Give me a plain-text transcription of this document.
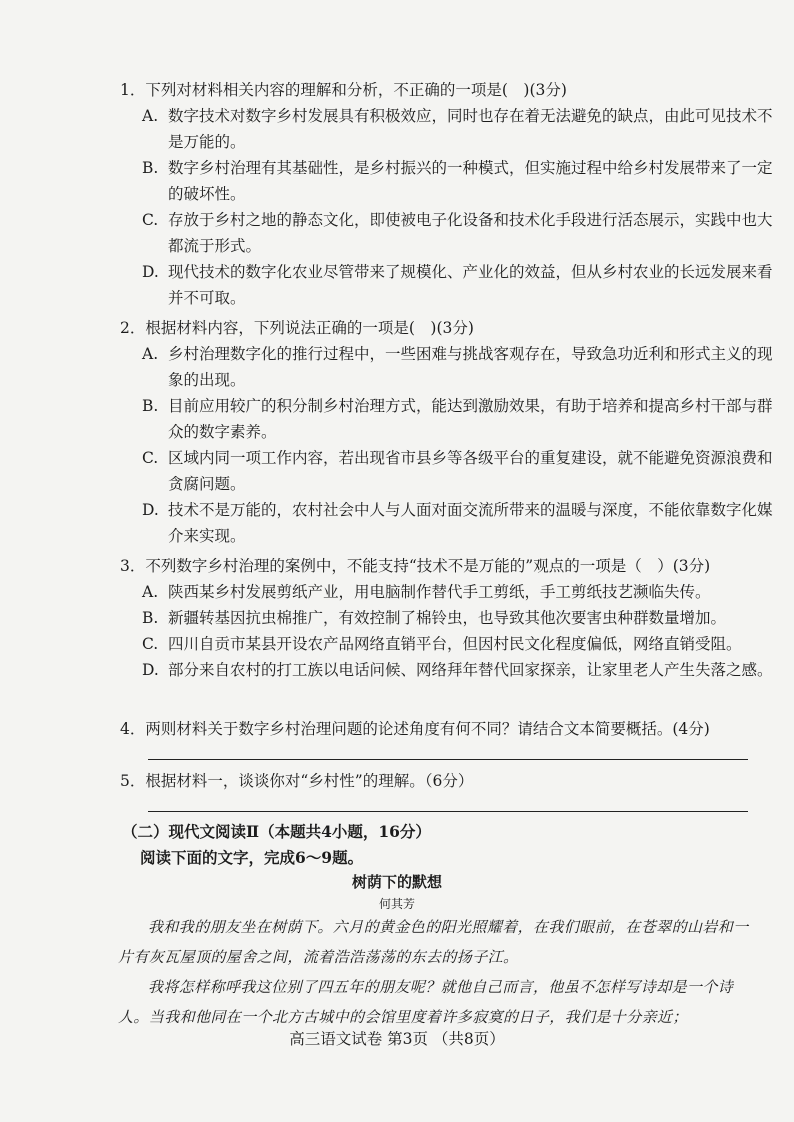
1．下列对材料相关内容的理解和分析，不正确的一项是(　)(3分)
A. 数字技术对数字乡村发展具有积极效应，同时也存在着无法避免的缺点，由此可见技术不是万能的。
B. 数字乡村治理有其基础性，是乡村振兴的一种模式，但实施过程中给乡村发展带来了一定的破坏性。
C. 存放于乡村之地的静态文化，即使被电子化设备和技术化手段进行活态展示，实践中也大都流于形式。
D. 现代技术的数字化农业尽管带来了规模化、产业化的效益，但从乡村农业的长远发展来看并不可取。
2．根据材料内容，下列说法正确的一项是(　)(3分)
A. 乡村治理数字化的推行过程中，一些困难与挑战客观存在，导致急功近利和形式主义的现象的出现。
B. 目前应用较广的积分制乡村治理方式，能达到激励效果，有助于培养和提高乡村干部与群众的数字素养。
C. 区域内同一项工作内容，若出现省市县乡等各级平台的重复建设，就不能避免资源浪费和贪腐问题。
D. 技术不是万能的，农村社会中人与人面对面交流所带来的温暖与深度，不能依靠数字化媒介来实现。
3．不列数字乡村治理的案例中，不能支持“技术不是万能的”观点的一项是（　）(3分)
A. 陕西某乡村发展剪纸产业，用电脑制作替代手工剪纸，手工剪纸技艺濒临失传。
B. 新疆转基因抗虫棉推广，有效控制了棉铃虫，也导致其他次要害虫种群数量增加。
C. 四川自贡市某县开设农产品网络直销平台，但因村民文化程度偏低，网络直销受阻。
D. 部分来自农村的打工族以电话问候、网络拜年替代回家探亲，让家里老人产生失落之感。
4．两则材料关于数字乡村治理问题的论述角度有何不同？请结合文本简要概括。(4分)
5．根据材料一，谈谈你对“乡村性”的理解。（6分）
（二）现代文阅读Ⅱ（本题共4小题，16分）
阅读下面的文字，完成6～9题。
树荫下的默想
何其芳
我和我的朋友坐在树荫下。六月的黄金色的阳光照耀着，在我们眼前，在苍翠的山岩和一片有灰瓦屋顶的屋舍之间，流着浩浩荡荡的东去的扬子江。
我将怎样称呼我这位别了四五年的朋友呢？就他自己而言，他虽不怎样写诗却是一个诗人。当我和他同在一个北方古城中的会馆里度着许多寂寞的日子，我们是十分亲近；
高三语文试卷 第3页 （共8页）
